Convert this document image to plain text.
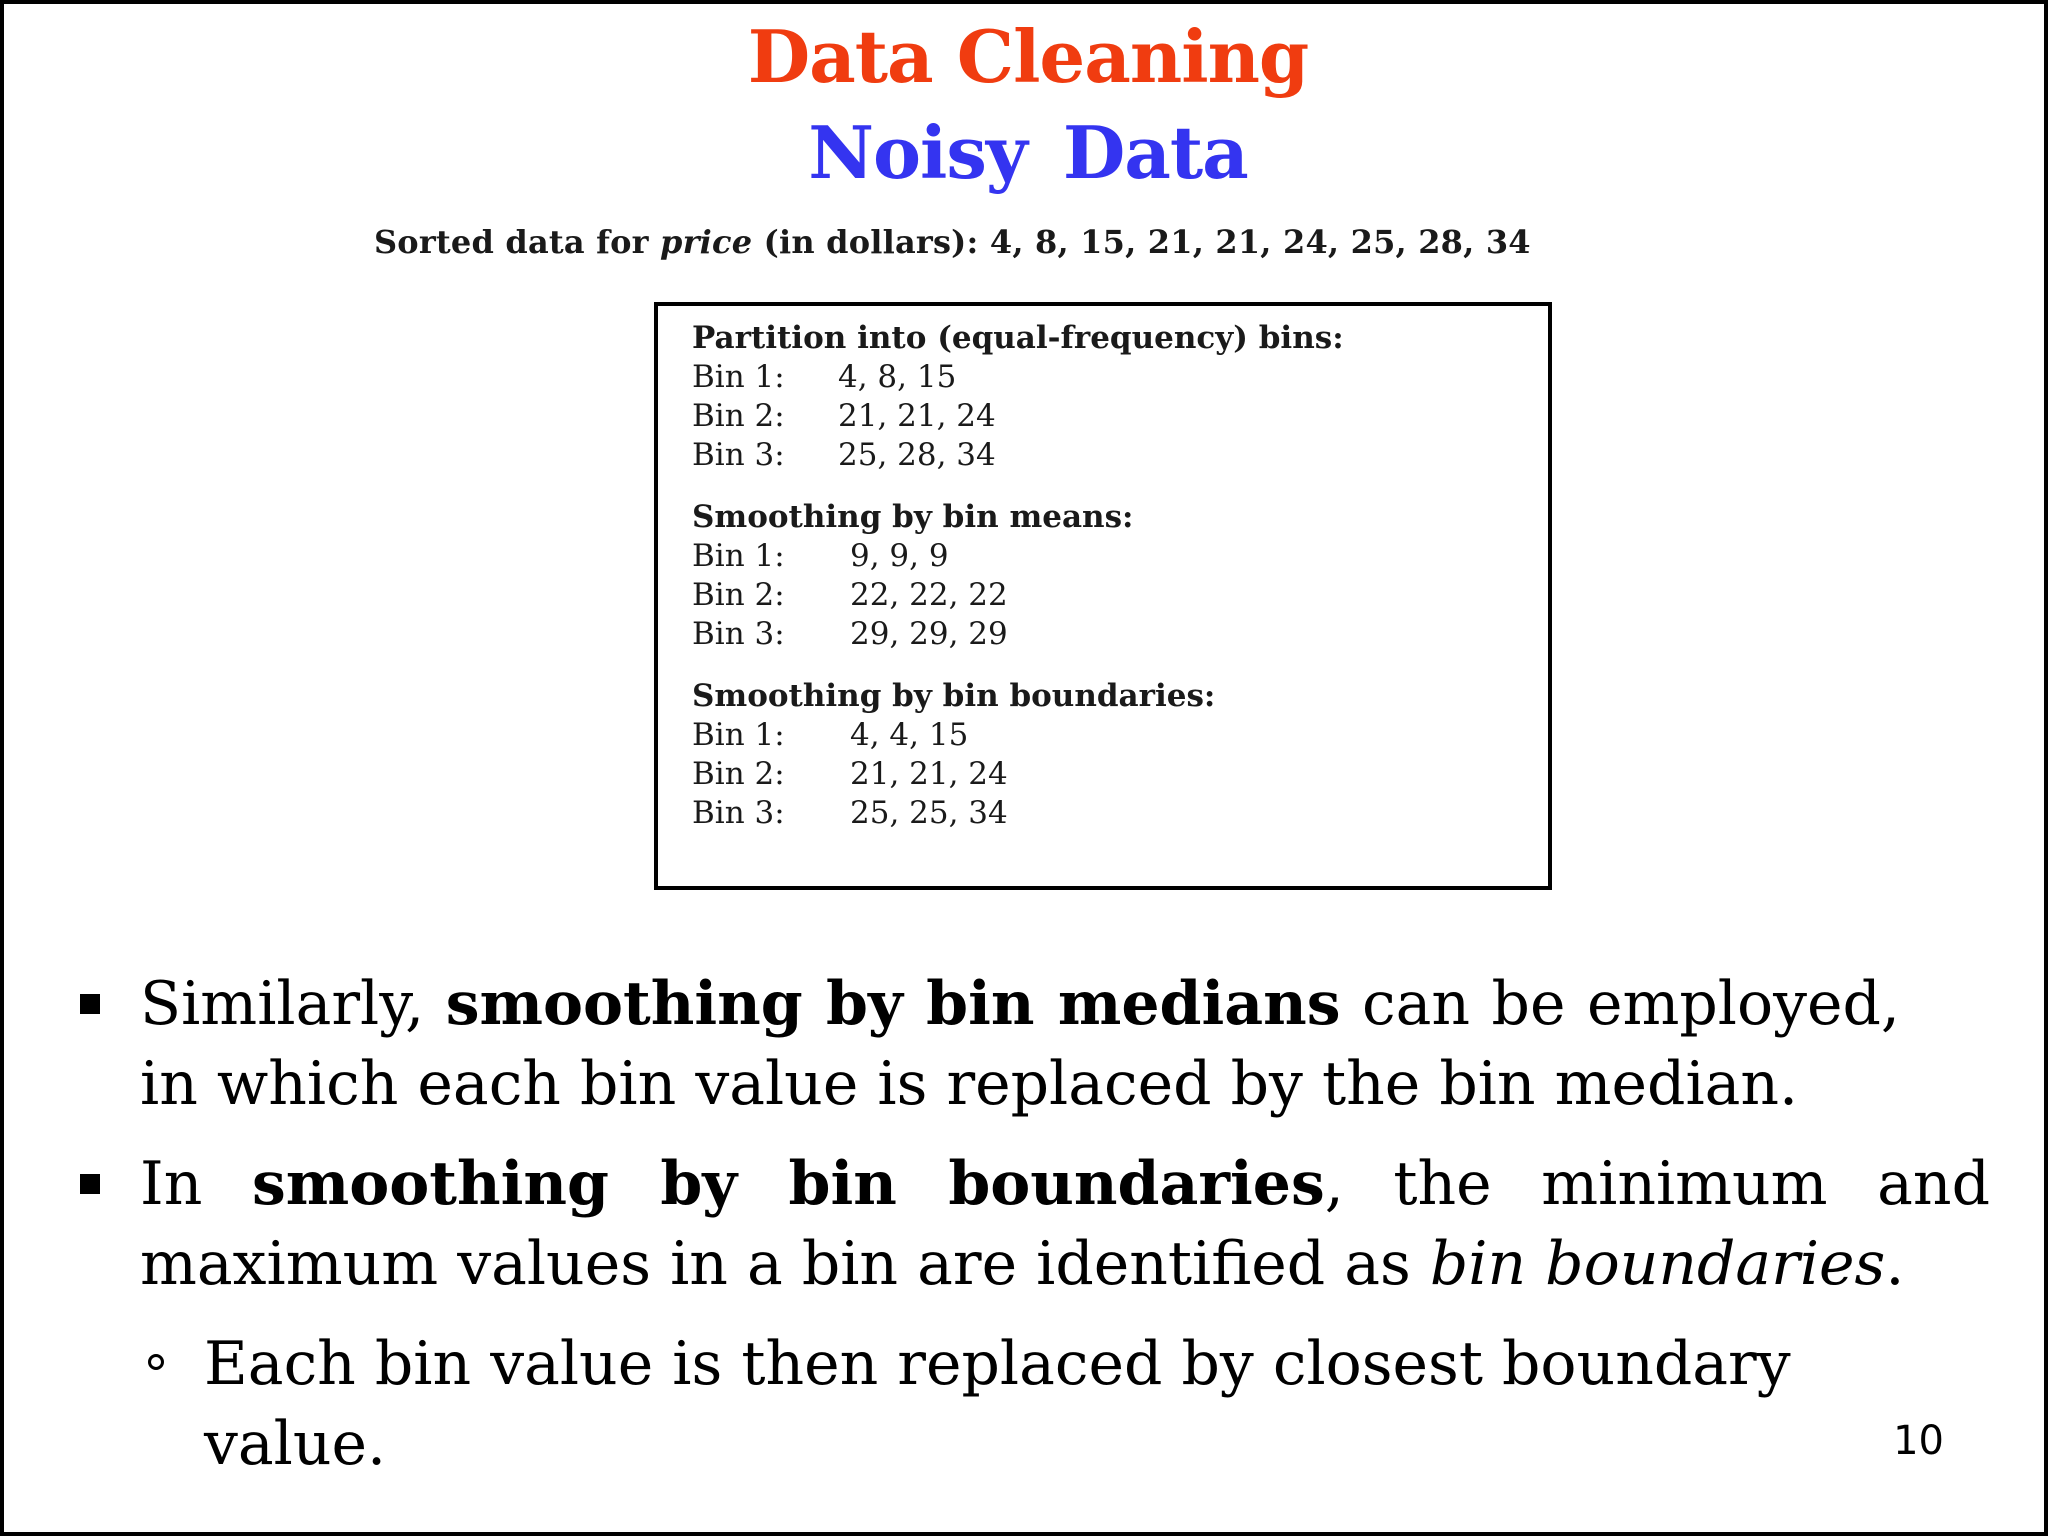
Data Cleaning
Noisy Data
Sorted data for price (in dollars): 4, 8, 15, 21, 21, 24, 25, 28, 34
Partition into (equal-frequency) bins:
Bin 1: 4, 8, 15
Bin 2: 21, 21, 24
Bin 3: 25, 28, 34
Smoothing by bin means:
Bin 1: 9, 9, 9
Bin 2: 22, 22, 22
Bin 3: 29, 29, 29
Smoothing by bin boundaries:
Bin 1: 4, 4, 15
Bin 2: 21, 21, 24
Bin 3: 25, 25, 34
Similarly, smoothing by bin medians can be employed, in which each bin value is replaced by the bin median.
In smoothing by bin boundaries, the minimum and maximum values in a bin are identified as bin boundaries.
Each bin value is then replaced by closest boundary value.	10
